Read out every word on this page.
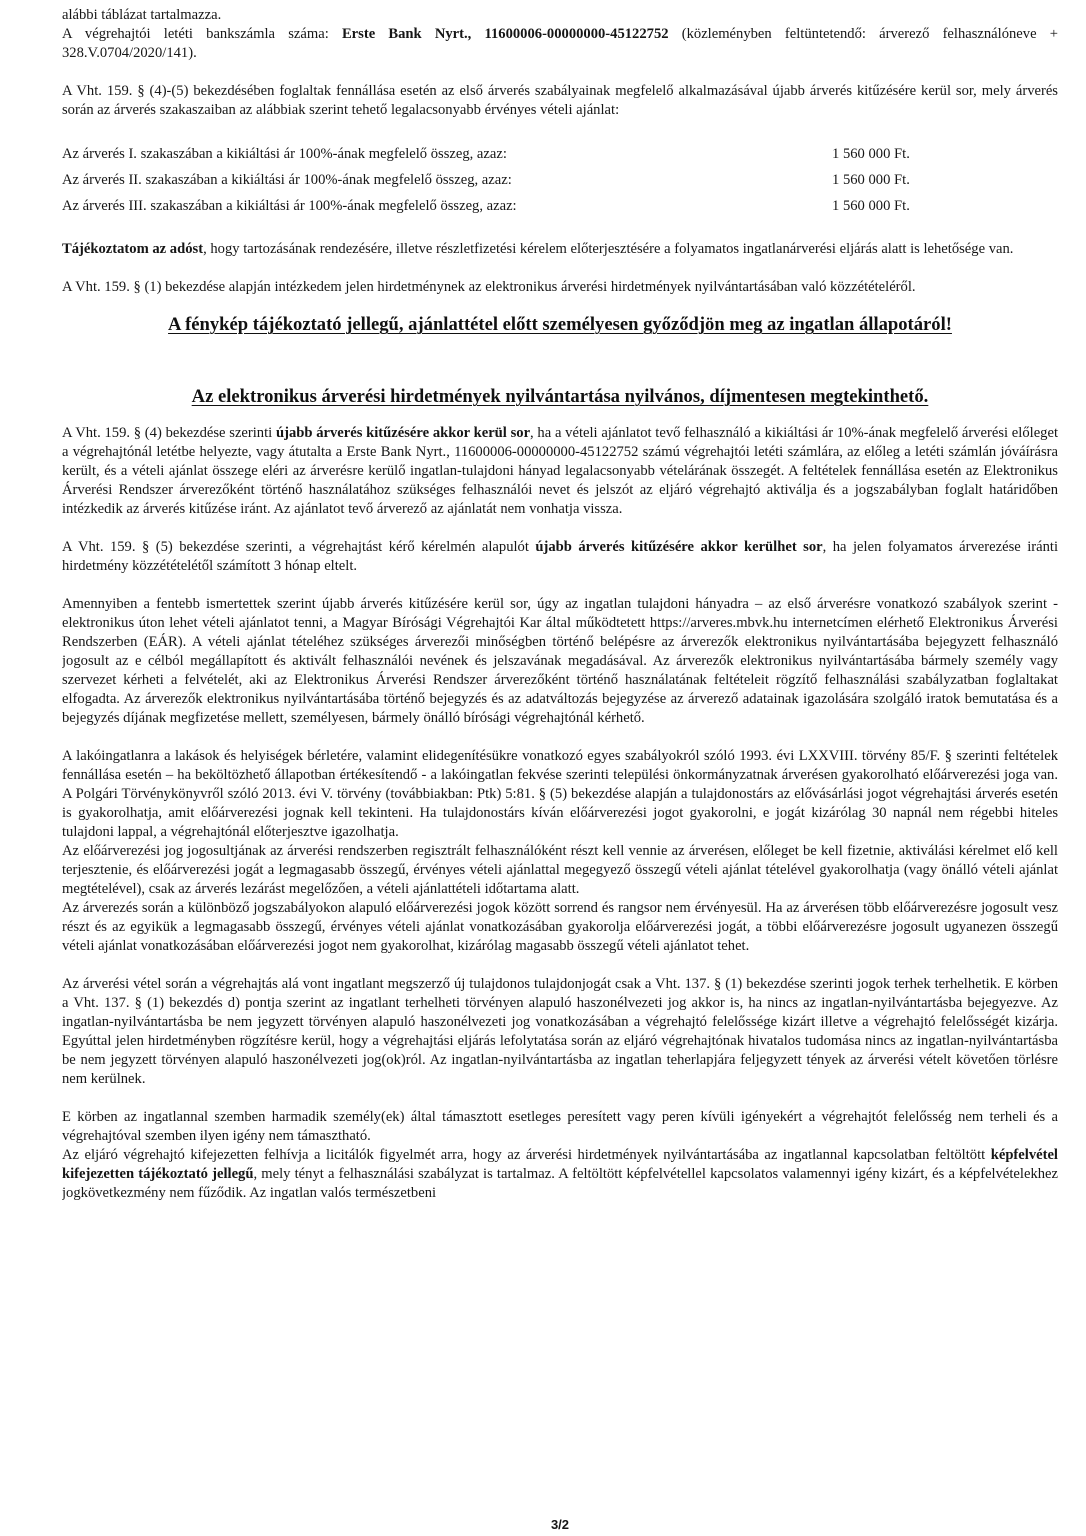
alábbi táblázat tartalmazza.

A végrehajtói letéti bankszámla száma: Erste Bank Nyrt., 11600006-00000000-45122752 (közleményben feltüntetendő: árverező felhasználóneve + 328.V.0704/2020/141).

A Vht. 159. § (4)-(5) bekezdésében foglaltak fennállása esetén az első árverés szabályainak megfelelő alkalmazásával újabb árverés kitűzésére kerül sor, mely árverés során az árverés szakaszaiban az alábbiak szerint tehető legalacsonyabb érvényes vételi ajánlat:

Az árverés I. szakaszában a kikiáltási ár 100%-ának megfelelő összeg, azaz:	1 560 000 Ft.
Az árverés II. szakaszában a kikiáltási ár 100%-ának megfelelő összeg, azaz:	1 560 000 Ft.
Az árverés III. szakaszában a kikiáltási ár 100%-ának megfelelő összeg, azaz:	1 560 000 Ft.

Tájékoztatom az adóst, hogy tartozásának rendezésére, illetve részletfizetési kérelem előterjesztésére a folyamatos ingatlanárverési eljárás alatt is lehetősége van.

A Vht. 159. § (1) bekezdése alapján intézkedem jelen hirdetménynek az elektronikus árverési hirdetmények nyilvántartásában való közzétételéről.

A fénykép tájékoztató jellegű, ajánlattétel előtt személyesen győződjön meg az ingatlan állapotáról!

Az elektronikus árverési hirdetmények nyilvántartása nyilvános, díjmentesen megtekinthető.

A Vht. 159. § (4) bekezdése szerinti újabb árverés kitűzésére akkor kerül sor, ha a vételi ajánlatot tevő felhasználó a kikiáltási ár 10%-ának megfelelő árverési előleget a végrehajtónál letétbe helyezte, vagy átutalta a Erste Bank Nyrt., 11600006-00000000-45122752 számú végrehajtói letéti számlára, az előleg a letéti számlán jóváírásra került, és a vételi ajánlat összege eléri az árverésre kerülő ingatlan-tulajdoni hányad legalacsonyabb vételárának összegét. A feltételek fennállása esetén az Elektronikus Árverési Rendszer árverezőként történő használatához szükséges felhasználói nevet és jelszót az eljáró végrehajtó aktiválja és a jogszabályban foglalt határidőben intézkedik az árverés kitűzése iránt. Az ajánlatot tevő árverező az ajánlatát nem vonhatja vissza.

A Vht. 159. § (5) bekezdése szerinti, a végrehajtást kérő kérelmén alapulót újabb árverés kitűzésére akkor kerülhet sor, ha jelen folyamatos árverezése iránti hirdetmény közzétételétől számított 3 hónap eltelt.

Amennyiben a fentebb ismertettek szerint újabb árverés kitűzésére kerül sor, úgy az ingatlan tulajdoni hányadra – az első árverésre vonatkozó szabályok szerint - elektronikus úton lehet vételi ajánlatot tenni, a Magyar Bírósági Végrehajtói Kar által működtetett https://arveres.mbvk.hu internetcímen elérhető Elektronikus Árverési Rendszerben (EÁR). A vételi ajánlat tételéhez szükséges árverezői minőségben történő belépésre az árverezők elektronikus nyilvántartásába bejegyzett felhasználó jogosult az e célból megállapított és aktivált felhasználói nevének és jelszavának megadásával. Az árverezők elektronikus nyilvántartásába bármely személy vagy szervezet kérheti a felvételét, aki az Elektronikus Árverési Rendszer árverezőként történő használatának feltételeit rögzítő felhasználási szabályzatban foglaltakat elfogadta. Az árverezők elektronikus nyilvántartásába történő bejegyzés és az adatváltozás bejegyzése az árverező adatainak igazolására szolgáló iratok bemutatása és a bejegyzés díjának megfizetése mellett, személyesen, bármely önálló bírósági végrehajtónál kérhető.

A lakóingatlanra a lakások és helyiségek bérletére, valamint elidegenítésükre vonatkozó egyes szabályokról szóló 1993. évi LXXVIII. törvény 85/F. § szerinti feltételek fennállása esetén – ha beköltözhető állapotban értékesítendő - a lakóingatlan fekvése szerinti települési önkormányzatnak árverésen gyakorolható előárverezési joga van. A Polgári Törvénykönyvről szóló 2013. évi V. törvény (továbbiakban: Ptk) 5:81. § (5) bekezdése alapján a tulajdonostárs az elővásárlási jogot végrehajtási árverés esetén is gyakorolhatja, amit előárverezési jognak kell tekinteni. Ha tulajdonostárs kíván előárverezési jogot gyakorolni, e jogát kizárólag 30 napnál nem régebbi hiteles tulajdoni lappal, a végrehajtónál előterjesztve igazolhatja.

Az előárverezési jog jogosultjának az árverési rendszerben regisztrált felhasználóként részt kell vennie az árverésen, előleget be kell fizetnie, aktiválási kérelmet elő kell terjesztenie, és előárverezési jogát a legmagasabb összegű, érvényes vételi ajánlattal megegyező összegű vételi ajánlat tételével gyakorolhatja (vagy önálló vételi ajánlat megtételével), csak az árverés lezárást megelőzően, a vételi ajánlattételi időtartama alatt.

Az árverezés során a különböző jogszabályokon alapuló előárverezési jogok között sorrend és rangsor nem érvényesül. Ha az árverésen több előárverezésre jogosult vesz részt és az egyikük a legmagasabb összegű, érvényes vételi ajánlat vonatkozásában gyakorolja előárverezési jogát, a többi előárverezésre jogosult ugyanezen összegű vételi ajánlat vonatkozásában előárverezési jogot nem gyakorolhat, kizárólag magasabb összegű vételi ajánlatot tehet.

Az árverési vétel során a végrehajtás alá vont ingatlant megszerző új tulajdonos tulajdonjogát csak a Vht. 137. § (1) bekezdése szerinti jogok terhek terhelhetik. E körben a Vht. 137. § (1) bekezdés d) pontja szerint az ingatlant terhelheti törvényen alapuló haszonélvezeti jog akkor is, ha nincs az ingatlan-nyilvántartásba bejegyezve. Az ingatlan-nyilvántartásba be nem jegyzett törvényen alapuló haszonélvezeti jog vonatkozásában a végrehajtó felelőssége kizárt illetve a végrehajtó felelősségét kizárja. Egyúttal jelen hirdetményben rögzítésre kerül, hogy a végrehajtási eljárás lefolytatása során az eljáró végrehajtónak hivatalos tudomása nincs az ingatlan-nyilvántartásba be nem jegyzett törvényen alapuló haszonélvezeti jog(ok)ról. Az ingatlan-nyilvántartásba az ingatlan teherlapjára feljegyzett tények az árverési vételt követően törlésre nem kerülnek.

E körben az ingatlannal szemben harmadik személy(ek) által támasztott esetleges peresített vagy peren kívüli igényekért a végrehajtót felelősség nem terheli és a végrehajtóval szemben ilyen igény nem támasztható.

Az eljáró végrehajtó kifejezetten felhívja a licitálók figyelmét arra, hogy az árverési hirdetmények nyilvántartásába az ingatlannal kapcsolatban feltöltött képfelvétel kifejezetten tájékoztató jellegű, mely tényt a felhasználási szabályzat is tartalmaz. A feltöltött képfelvétellel kapcsolatos valamennyi igény kizárt, és a képfelvételekhez jogkövetkezmény nem fűződik. Az ingatlan valós természetbeni

3/2
